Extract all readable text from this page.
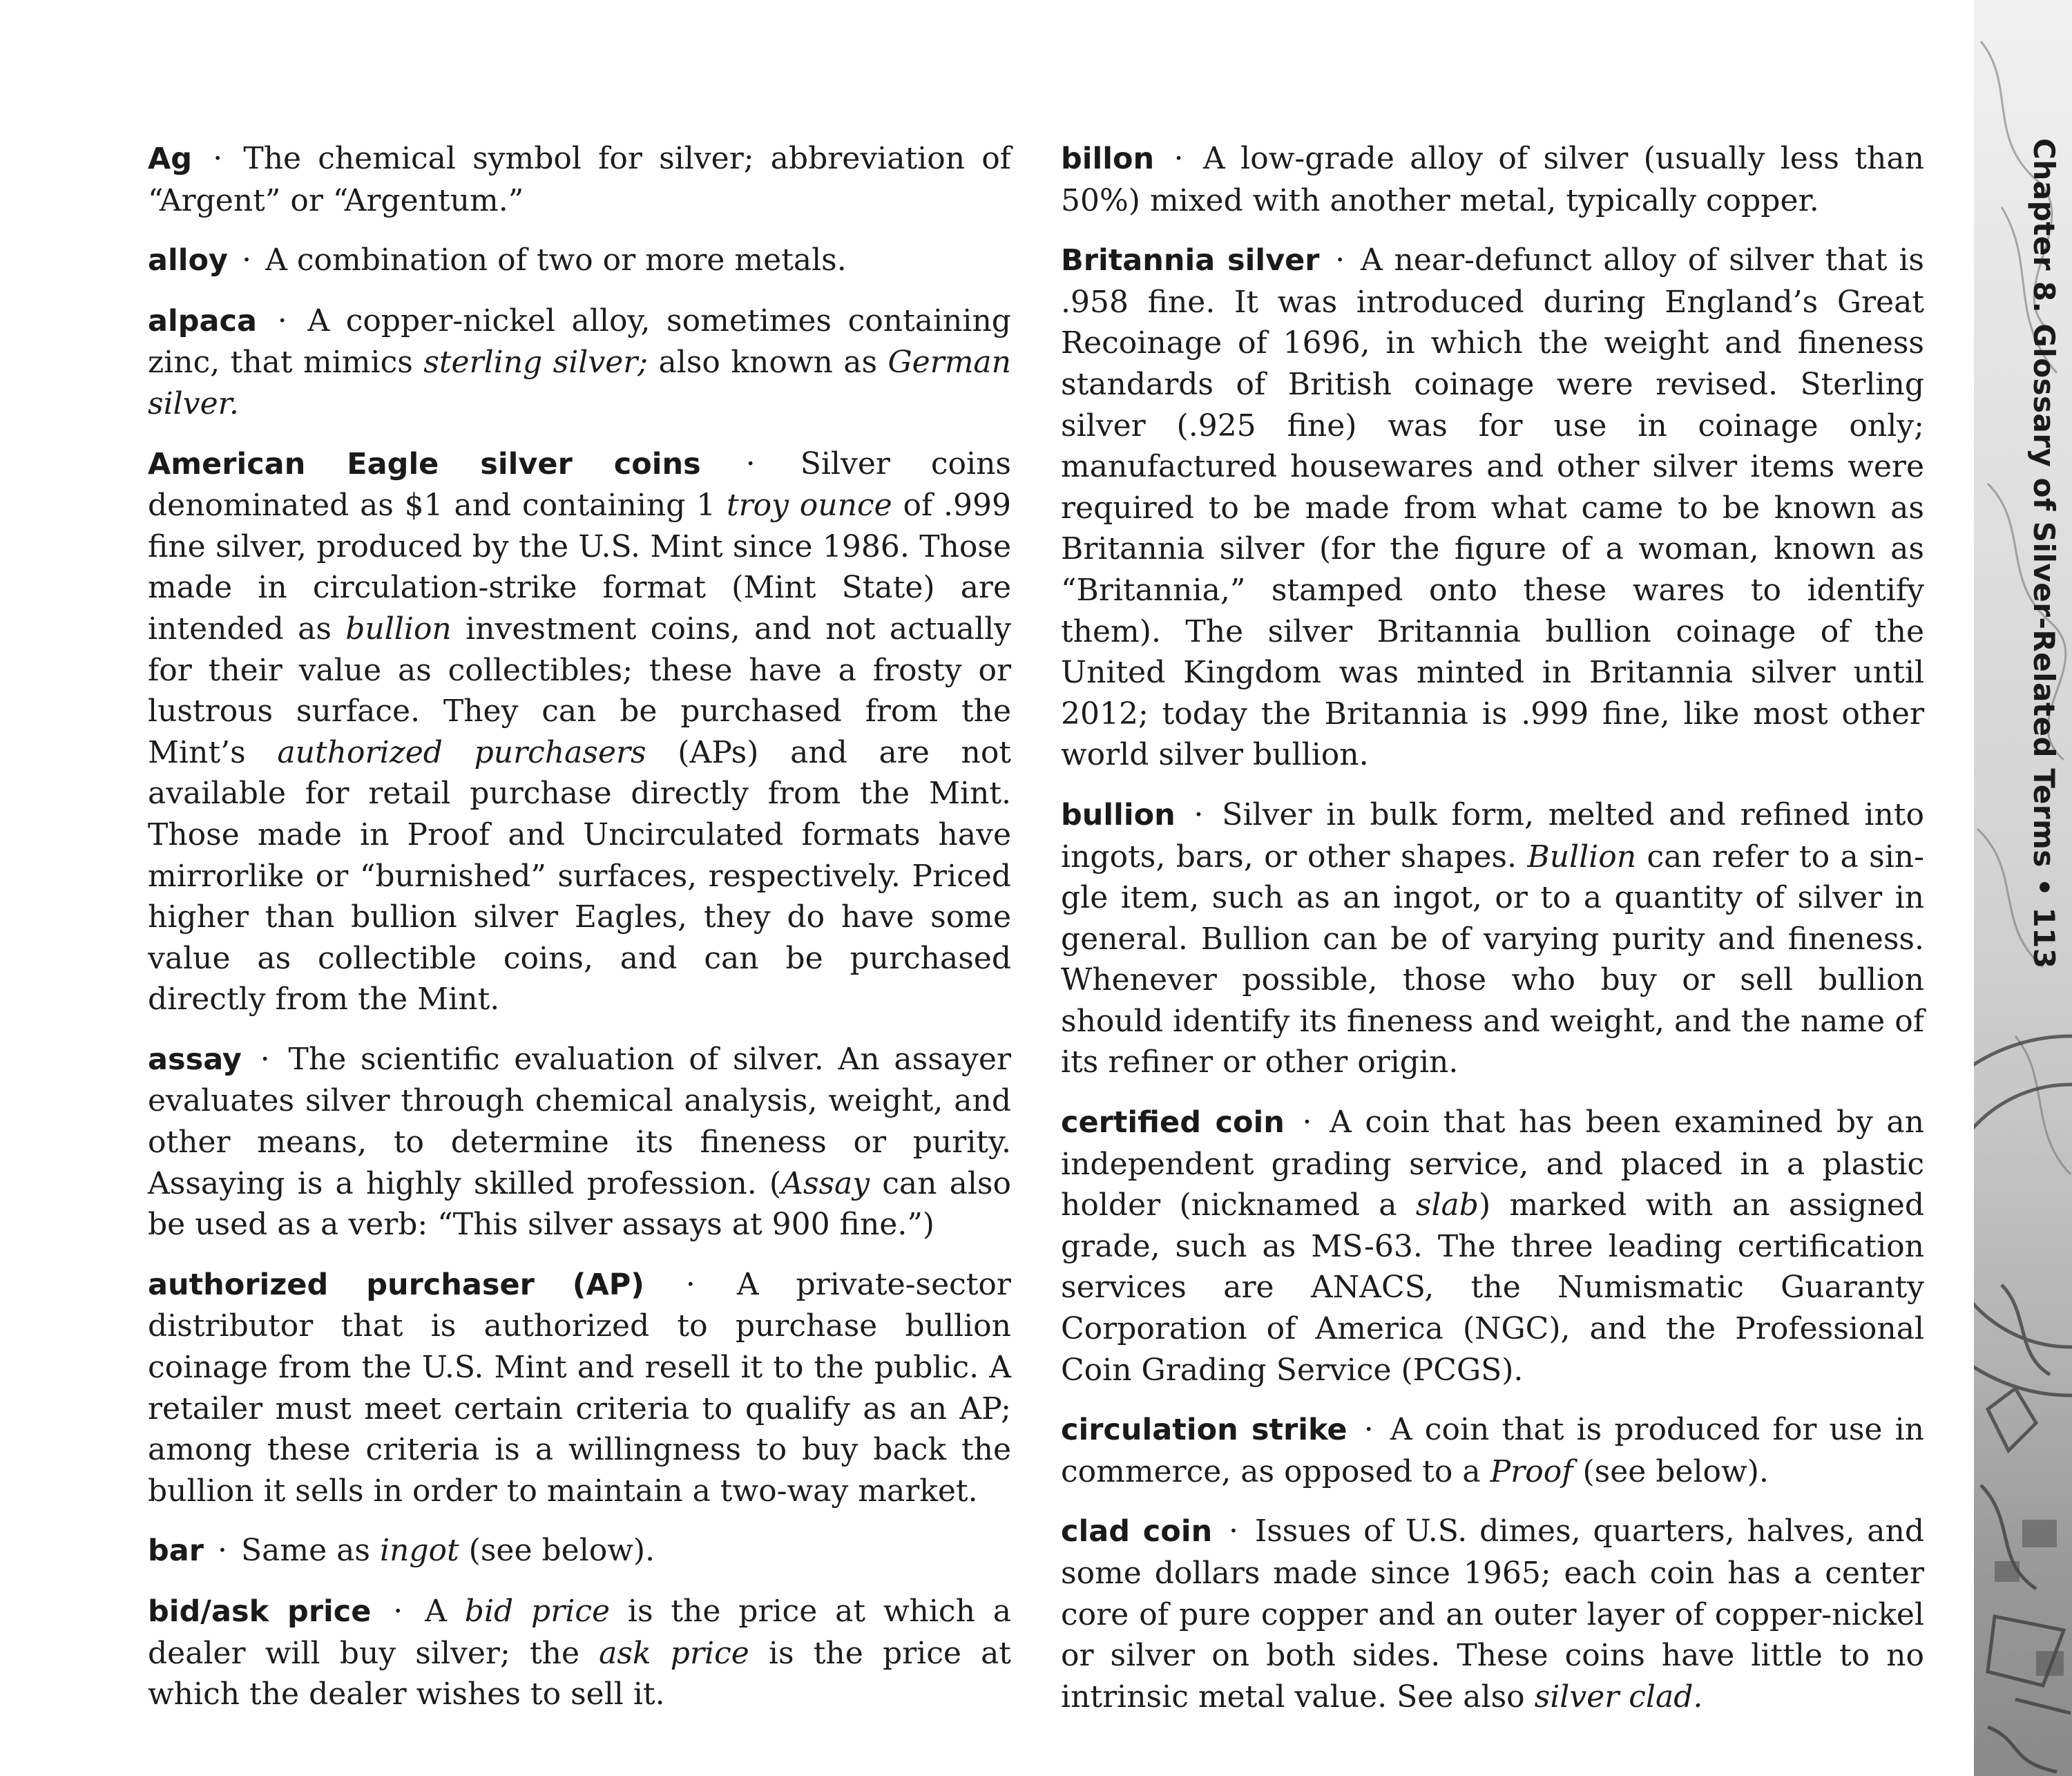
Ag · The chemical symbol for silver; abbreviation of “Argent” or “Argentum.”

alloy · A combination of two or more metals.

alpaca · A copper-nickel alloy, sometimes containing zinc, that mimics sterling silver; also known as German silver.

American Eagle silver coins · Silver coins denominated as $1 and containing 1 troy ounce of .999 fine silver, produced by the U.S. Mint since 1986. Those made in circulation-strike format (Mint State) are intended as bullion investment coins, and not actually for their value as collectibles; these have a frosty or lustrous surface. They can be purchased from the Mint’s authorized purchasers (APs) and are not available for retail purchase directly from the Mint. Those made in Proof and Uncirculated formats have mirrorlike or “burnished” surfaces, respectively. Priced higher than bullion silver Eagles, they do have some value as collectible coins, and can be purchased directly from the Mint.

assay · The scientific evaluation of silver. An assayer evaluates silver through chemical analysis, weight, and other means, to determine its fineness or purity. Assaying is a highly skilled profession. (Assay can also be used as a verb: “This silver assays at 900 fine.”)

authorized purchaser (AP) · A private-sector distributor that is authorized to purchase bullion coinage from the U.S. Mint and resell it to the public. A retailer must meet certain criteria to qualify as an AP; among these criteria is a willingness to buy back the bullion it sells in order to maintain a two-way market.

bar · Same as ingot (see below).

bid/ask price · A bid price is the price at which a dealer will buy silver; the ask price is the price at which the dealer wishes to sell it.

billon · A low-grade alloy of silver (usually less than 50%) mixed with another metal, typically copper.

Britannia silver · A near-defunct alloy of silver that is .958 fine. It was introduced during England’s Great Recoinage of 1696, in which the weight and fineness standards of British coinage were revised. Sterling silver (.925 fine) was for use in coinage only; manufactured housewares and other silver items were required to be made from what came to be known as Britannia silver (for the figure of a woman, known as “Britannia,” stamped onto these wares to identify them). The silver Britannia bullion coinage of the United Kingdom was minted in Britannia silver until 2012; today the Britannia is .999 fine, like most other world silver bullion.

bullion · Silver in bulk form, melted and refined into ingots, bars, or other shapes. Bullion can refer to a single item, such as an ingot, or to a quantity of silver in general. Bullion can be of varying purity and fineness. Whenever possible, those who buy or sell bullion should identify its fineness and weight, and the name of its refiner or other origin.

certified coin · A coin that has been examined by an independent grading service, and placed in a plastic holder (nicknamed a slab) marked with an assigned grade, such as MS-63. The three leading certification services are ANACS, the Numismatic Guaranty Corporation of America (NGC), and the Professional Coin Grading Service (PCGS).

circulation strike · A coin that is produced for use in commerce, as opposed to a Proof (see below).

clad coin · Issues of U.S. dimes, quarters, halves, and some dollars made since 1965; each coin has a center core of pure copper and an outer layer of copper-nickel or silver on both sides. These coins have little to no intrinsic metal value. See also silver clad.

Chapter 8. Glossary of Silver-Related Terms • 113
